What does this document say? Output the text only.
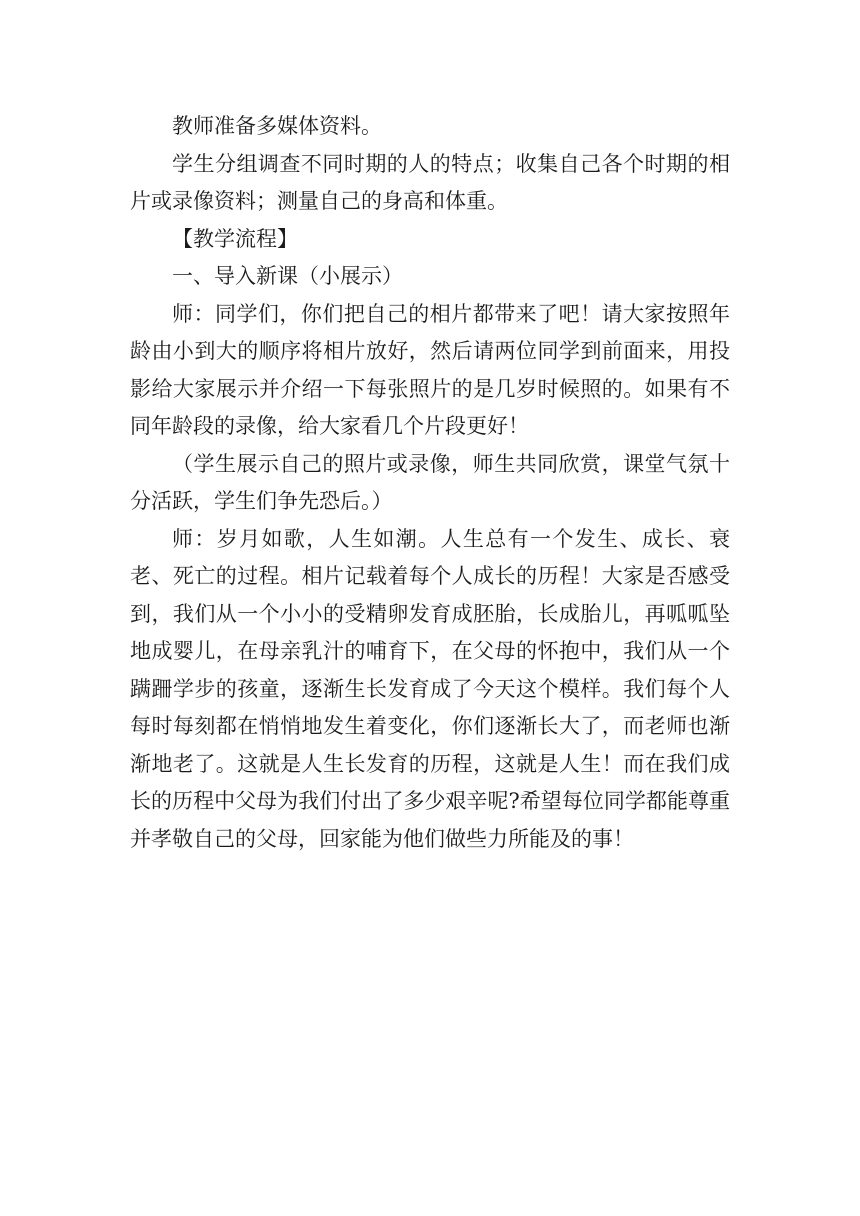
教师准备多媒体资料。

学生分组调查不同时期的人的特点；收集自己各个时期的相片或录像资料；测量自己的身高和体重。

【教学流程】

一、导入新课（小展示）

师：同学们，你们把自己的相片都带来了吧！请大家按照年龄由小到大的顺序将相片放好，然后请两位同学到前面来，用投影给大家展示并介绍一下每张照片的是几岁时候照的。如果有不同年龄段的录像，给大家看几个片段更好！

（学生展示自己的照片或录像，师生共同欣赏，课堂气氛十分活跃，学生们争先恐后。）

师：岁月如歌，人生如潮。人生总有一个发生、成长、衰老、死亡的过程。相片记载着每个人成长的历程！大家是否感受到，我们从一个小小的受精卵发育成胚胎，长成胎儿，再呱呱坠地成婴儿，在母亲乳汁的哺育下，在父母的怀抱中，我们从一个蹒跚学步的孩童，逐渐生长发育成了今天这个模样。我们每个人每时每刻都在悄悄地发生着变化，你们逐渐长大了，而老师也渐渐地老了。这就是人生长发育的历程，这就是人生！而在我们成长的历程中父母为我们付出了多少艰辛呢?希望每位同学都能尊重并孝敬自己的父母，回家能为他们做些力所能及的事！
